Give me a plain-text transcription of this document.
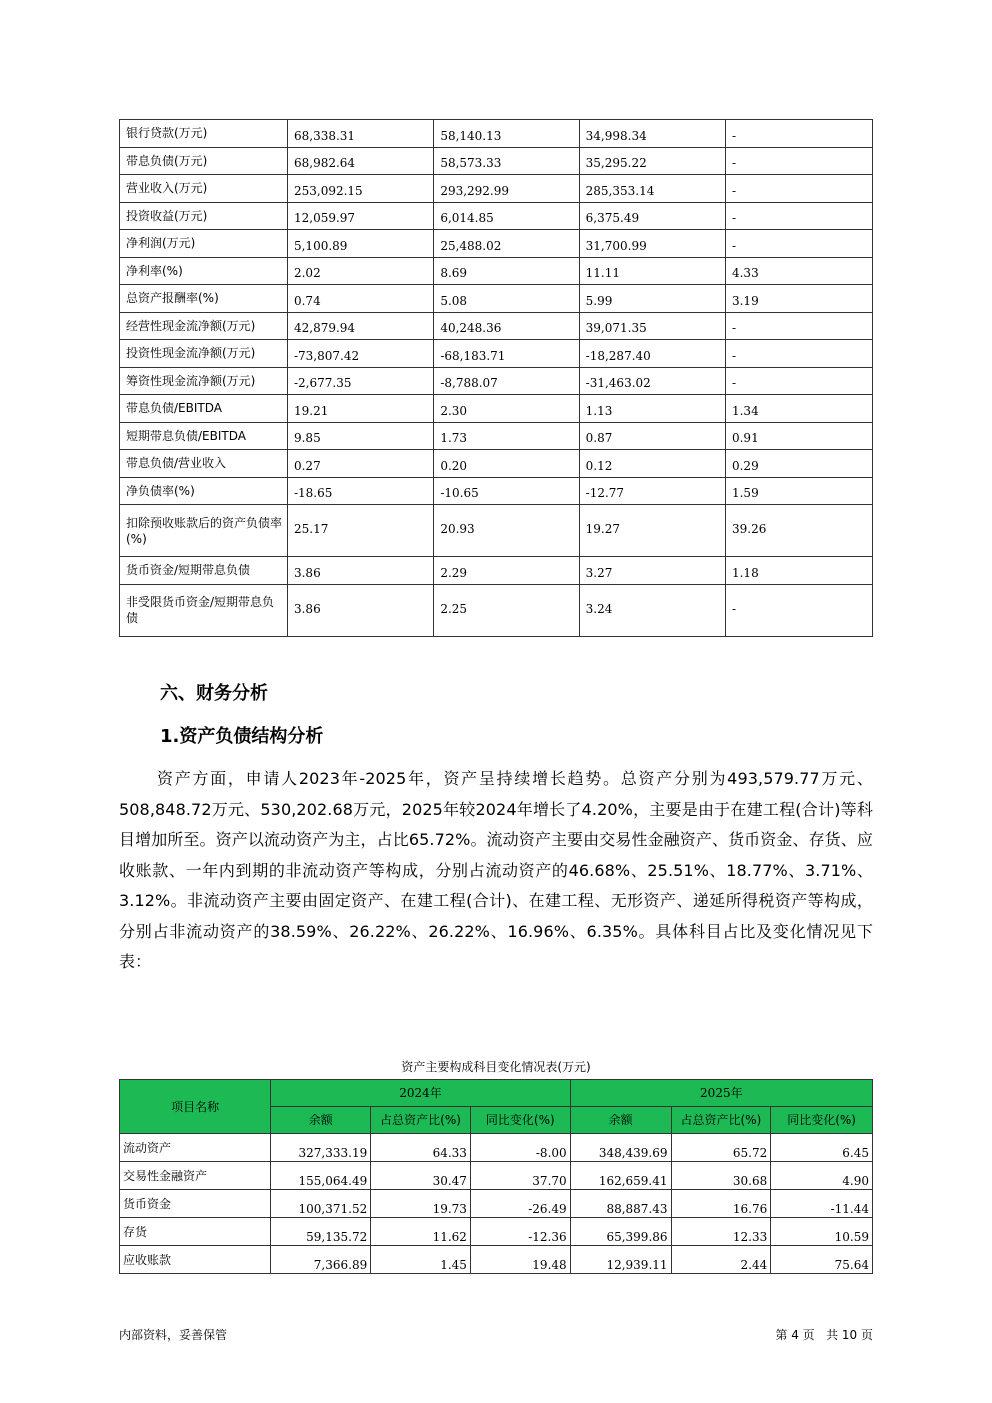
银行贷款(万元)	68,338.31	58,140.13	34,998.34	-
带息负债(万元)	68,982.64	58,573.33	35,295.22	-
营业收入(万元)	253,092.15	293,292.99	285,353.14	-
投资收益(万元)	12,059.97	6,014.85	6,375.49	-
净利润(万元)	5,100.89	25,488.02	31,700.99	-
净利率(%)	2.02	8.69	11.11	4.33
总资产报酬率(%)	0.74	5.08	5.99	3.19
经营性现金流净额(万元)	42,879.94	40,248.36	39,071.35	-
投资性现金流净额(万元)	-73,807.42	-68,183.71	-18,287.40	-
筹资性现金流净额(万元)	-2,677.35	-8,788.07	-31,463.02	-
带息负债/EBITDA	19.21	2.30	1.13	1.34
短期带息负债/EBITDA	9.85	1.73	0.87	0.91
带息负债/营业收入	0.27	0.20	0.12	0.29
净负债率(%)	-18.65	-10.65	-12.77	1.59
扣除预收账款后的资产负债率(%)	25.17	20.93	19.27	39.26
货币资金/短期带息负债	3.86	2.29	3.27	1.18
非受限货币资金/短期带息负债	3.86	2.25	3.24	-
六、财务分析
1.资产负债结构分析
资产方面，申请人2023年-2025年，资产呈持续增长趋势。总资产分别为493,579.77万元、508,848.72万元、530,202.68万元，2025年较2024年增长了4.20%，主要是由于在建工程(合计)等科目增加所至。资产以流动资产为主，占比65.72%。流动资产主要由交易性金融资产、货币资金、存货、应收账款、一年内到期的非流动资产等构成，分别占流动资产的46.68%、25.51%、18.77%、3.71%、3.12%。非流动资产主要由固定资产、在建工程(合计)、在建工程、无形资产、递延所得税资产等构成，分别占非流动资产的38.59%、26.22%、26.22%、16.96%、6.35%。具体科目占比及变化情况见下表：
资产主要构成科目变化情况表(万元)
项目名称	2024年			2025年		
	余额	占总资产比(%)	同比变化(%)	余额	占总资产比(%)	同比变化(%)
流动资产	327,333.19	64.33	-8.00	348,439.69	65.72	6.45
交易性金融资产	155,064.49	30.47	37.70	162,659.41	30.68	4.90
货币资金	100,371.52	19.73	-26.49	88,887.43	16.76	-11.44
存货	59,135.72	11.62	-12.36	65,399.86	12.33	10.59
应收账款	7,366.89	1.45	19.48	12,939.11	2.44	75.64
内部资料，妥善保管	第 4 页   共 10 页
